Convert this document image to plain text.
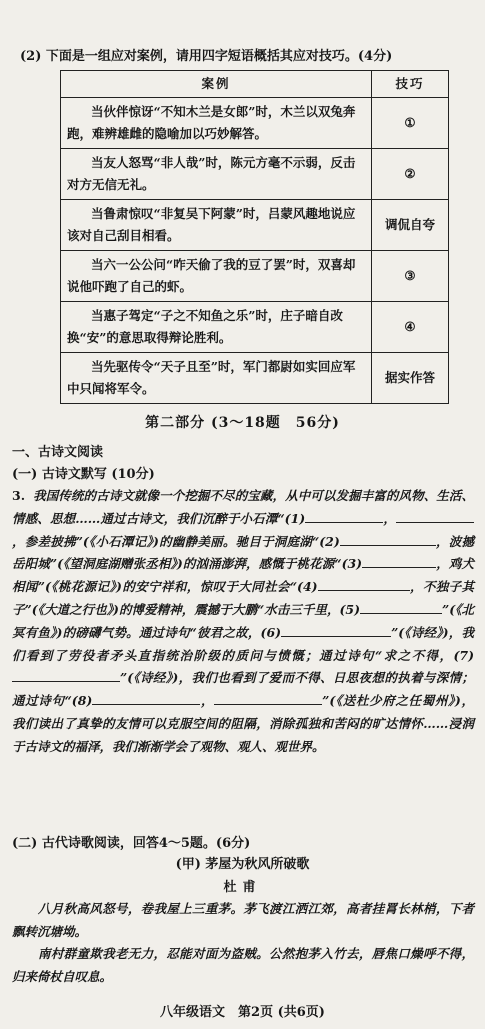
(2) 下面是一组应对案例，请用四字短语概括其应对技巧。(4分)
案例	技巧
当伙伴惊讶“不知木兰是女郎”时，木兰以双兔奔跑，难辨雄雌的隐喻加以巧妙解答。	①
当友人怒骂“非人哉”时，陈元方毫不示弱，反击对方无信无礼。	②
当鲁肃惊叹“非复吴下阿蒙”时，吕蒙风趣地说应该对自己刮目相看。	调侃自夸
当六一公公问“咋天偷了我的豆了罢”时，双喜却说他吓跑了自己的虾。	③
当惠子驾定“子之不知鱼之乐”时，庄子暗自改换“安”的意思取得辩论胜利。	④
当先驱传令“天子且至”时，军门都尉如实回应军中只闻将军令。	据实作答
第二部分 (3～18题　56分)
一、古诗文阅读
(一) 古诗文默写 (10分)
3. 我国传统的古诗文就像一个挖掘不尽的宝藏，从中可以发掘丰富的风物、生活、情感、思想……通过古诗文，我们沉醉于小石潭“(1)	，，参差披拂”(《小石潭记》)的幽静美丽。驰目于洞庭湖“(2)	，波撼岳阳城”(《望洞庭湖赠张丞相》)的汹涌澎湃，感慨于桃花源“(3)	，鸡犬相闻”(《桃花源记》)的安宁祥和，惊叹于大同社会“(4)	，不独子其子”(《大道之行也》)的博爱精神，震撼于大鹏“水击三千里，(5)	”(《北冥有鱼》)的磅礴气势。通过诗句“彼君之故，(6)	”(《诗经》)，我们看到了劳役者矛头直指统治阶级的质问与愤慨；通过诗句“求之不得，(7)”(《诗经》)，我们也看到了爱而不得、日思夜想的执着与深情；通过诗句“(8)	，	”(《送杜少府之任蜀州》)，我们读出了真挚的友情可以克服空间的阻隔，消除孤独和苦闷的旷达情怀……浸润于古诗文的福泽，我们渐渐学会了观物、观人、观世界。
(二) 古代诗歌阅读，回答4～5题。(6分)
(甲) 茅屋为秋风所破歌
杜甫

八月秋高风怒号，卷我屋上三重茅。茅飞渡江洒江郊，高者挂罥长林梢，下者飘转沉塘坳。

南村群童欺我老无力，忍能对面为盗贼。公然抱茅入竹去，唇焦口燥呼不得，归来倚杖自叹息。

八年级语文　第2页 (共6页)
